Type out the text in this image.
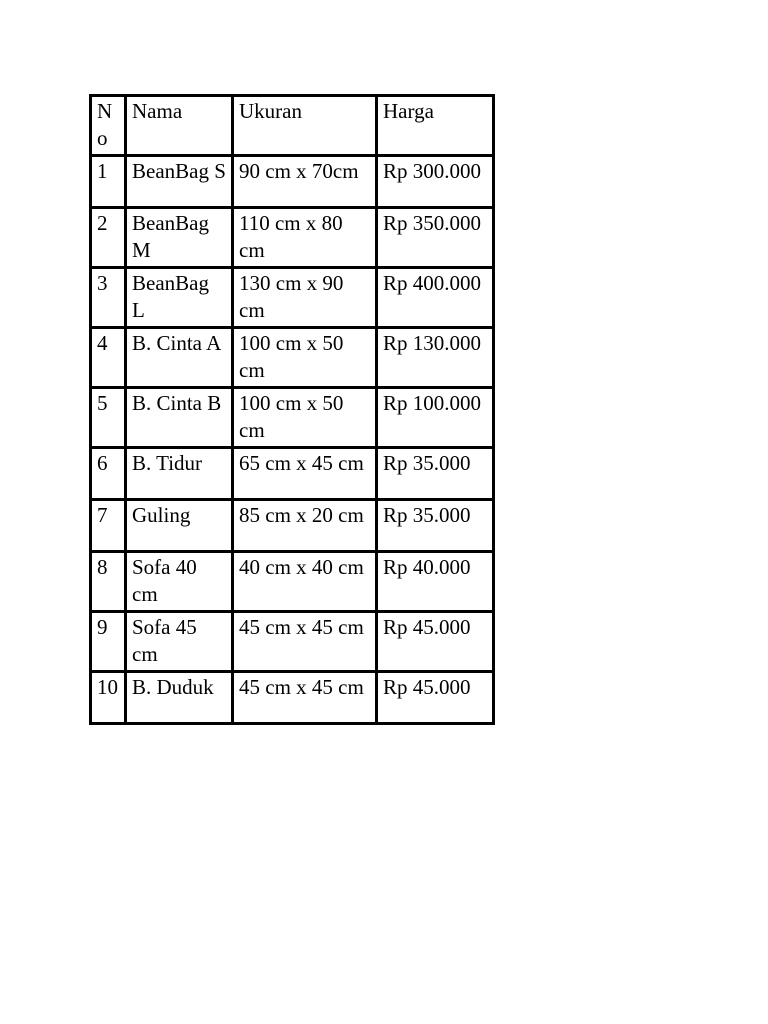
No	Nama	Ukuran	Harga
1	BeanBag S	90 cm x 70cm	Rp 300.000
2	BeanBag M	110 cm x 80 cm	Rp 350.000
3	BeanBag L	130 cm x 90 cm	Rp 400.000
4	B. Cinta A	100 cm x 50 cm	Rp 130.000
5	B. Cinta B	100 cm x 50 cm	Rp 100.000
6	B. Tidur	65 cm x 45 cm	Rp 35.000
7	Guling	85 cm x 20 cm	Rp 35.000
8	Sofa 40 cm	40 cm x 40 cm	Rp 40.000
9	Sofa 45 cm	45 cm x 45 cm	Rp 45.000
10	B. Duduk	45 cm x 45 cm	Rp 45.000
